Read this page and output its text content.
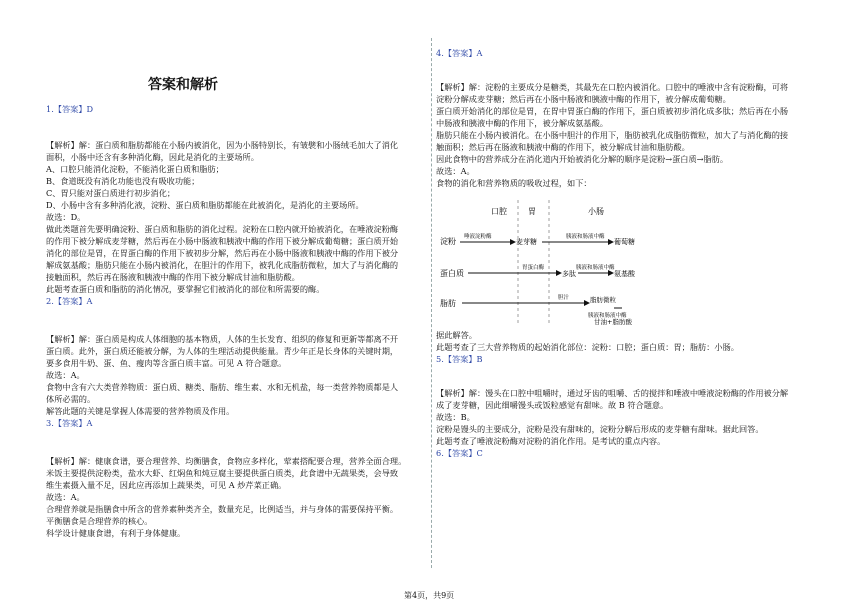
1.【答案】D
【解析】解：蛋白质和脂肪都能在小肠内被消化，因为小肠特别长，有皱襞和小肠绒毛加大了消化
面积，小肠中还含有多种消化酶，因此是消化的主要场所。
A、口腔只能消化淀粉，不能消化蛋白质和脂肪；
B、食道既没有消化功能也没有吸收功能；
C、胃只能对蛋白质进行初步消化；
D、小肠中含有多种消化液，淀粉、蛋白质和脂肪都能在此被消化，是消化的主要场所。
故选：D。
做此类题首先要明确淀粉、蛋白质和脂肪的消化过程。淀粉在口腔内就开始被消化，在唾液淀粉酶
的作用下被分解成麦芽糖，然后再在小肠中肠液和胰液中酶的作用下被分解成葡萄糖；蛋白质开始
消化的部位是胃，在胃蛋白酶的作用下被初步分解，然后再在小肠中肠液和胰液中酶的作用下被分
解成氨基酸；脂肪只能在小肠内被消化，在胆汁的作用下，被乳化成脂肪微粒，加大了与消化酶的
接触面积，然后再在肠液和胰液中酶的作用下被分解成甘油和脂肪酸。
此题考查蛋白质和脂肪的消化情况，要掌握它们被消化的部位和所需要的酶。
2.【答案】A
【解析】解：蛋白质是构成人体细胞的基本物质，人体的生长发育、组织的修复和更新等都离不开
蛋白质。此外，蛋白质还能被分解，为人体的生理活动提供能量。青少年正是长身体的关键时期，
要多食用牛奶、蛋、鱼、瘦肉等含蛋白质丰富。可见 A 符合题意。
故选：A。
食物中含有六大类营养物质：蛋白质、糖类、脂肪、维生素、水和无机盐，每一类营养物质都是人
体所必需的。
解答此题的关键是掌握人体需要的营养物质及作用。
3.【答案】A
【解析】解：健康食谱，要合理营养、均衡膳食，食物应多样化，荤素搭配要合理，营养全面合理。
米饭主要提供淀粉类，盐水大虾、红焖鱼和炖豆腐主要提供蛋白质类，此食谱中无蔬果类，会导致
维生素摄入量不足，因此应再添加上蔬果类，可见 A 炒芹菜正确。
故选：A。
合理营养就是指膳食中所含的营养素种类齐全，数量充足，比例适当，并与身体的需要保持平衡。
平衡膳食是合理营养的核心。
科学设计健康食谱，有利于身体健康。
4.【答案】A
【解析】解：淀粉的主要成分是糖类，其最先在口腔内被消化。口腔中的唾液中含有淀粉酶，可将
淀粉分解成麦芽糖；然后再在小肠中肠液和胰液中酶的作用下，被分解成葡萄糖。
蛋白质开始消化的部位是胃，在胃中胃蛋白酶的作用下，蛋白质被初步消化成多肽；然后再在小肠
中肠液和胰液中酶的作用下，被分解成氨基酸。
脂肪只能在小肠内被消化。在小肠中胆汁的作用下，脂肪被乳化成脂肪微粒，加大了与消化酶的接
触面积；然后再在肠液和胰液中酶的作用下，被分解成甘油和脂肪酸。
因此食物中的营养成分在消化道内开始被消化分解的顺序是淀粉→蛋白质→脂肪。
故选：A。
食物的消化和营养物质的吸收过程，如下：
据此解答。
此题考查了三大营养物质的起始消化部位：淀粉：口腔；蛋白质：胃；脂肪：小肠。
5.【答案】B
【解析】解：馒头在口腔中咀嚼时，通过牙齿的咀嚼、舌的搅拌和唾液中唾液淀粉酶的作用被分解
成了麦芽糖，因此细嚼馒头或饭粒感觉有甜味。故 B 符合题意。
故选：B。
淀粉是馒头的主要成分，淀粉是没有甜味的，淀粉分解后形成的麦芽糖有甜味。据此回答。
此题考查了唾液淀粉酶对淀粉的消化作用。是考试的重点内容。
6.【答案】C
答案和解析
口腔	胃	小肠
淀粉 唾液淀粉酶
麦芽糖
胰液和肠液中酶
葡萄糖
蛋白质
胃蛋白酶
多肽
胰液和肠液中酶
氨基酸
脂肪
胆汁	脂肪微粒
胰液和肠液中酶
甘油+脂肪酸
第4页，共9页
